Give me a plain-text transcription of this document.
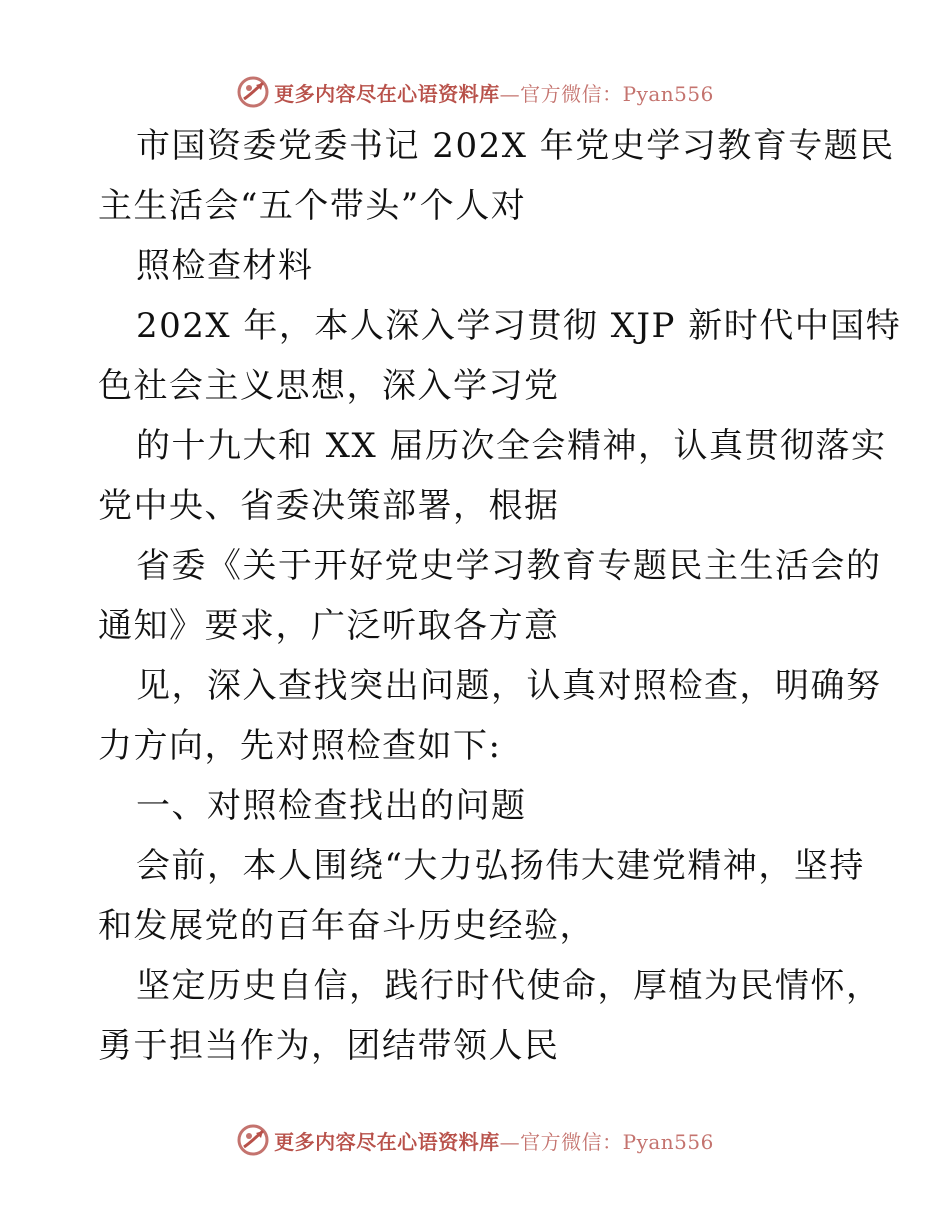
更多内容尽在心语资料库—官方微信：Pyan556

市国资委党委书记 202X 年党史学习教育专题民

主生活会“五个带头”个人对

照检查材料

202X 年，本人深入学习贯彻 XJP 新时代中国特

色社会主义思想，深入学习党

的十九大和 XX 届历次全会精神，认真贯彻落实

党中央、省委决策部署，根据

省委《关于开好党史学习教育专题民主生活会的

通知》要求，广泛听取各方意

见，深入查找突出问题，认真对照检查，明确努

力方向，先对照检查如下:

一、对照检查找出的问题

会前，本人围绕“大力弘扬伟大建党精神，坚持

和发展党的百年奋斗历史经验，

坚定历史自信，践行时代使命，厚植为民情怀，

勇于担当作为，团结带领人民

更多内容尽在心语资料库—官方微信：Pyan556
